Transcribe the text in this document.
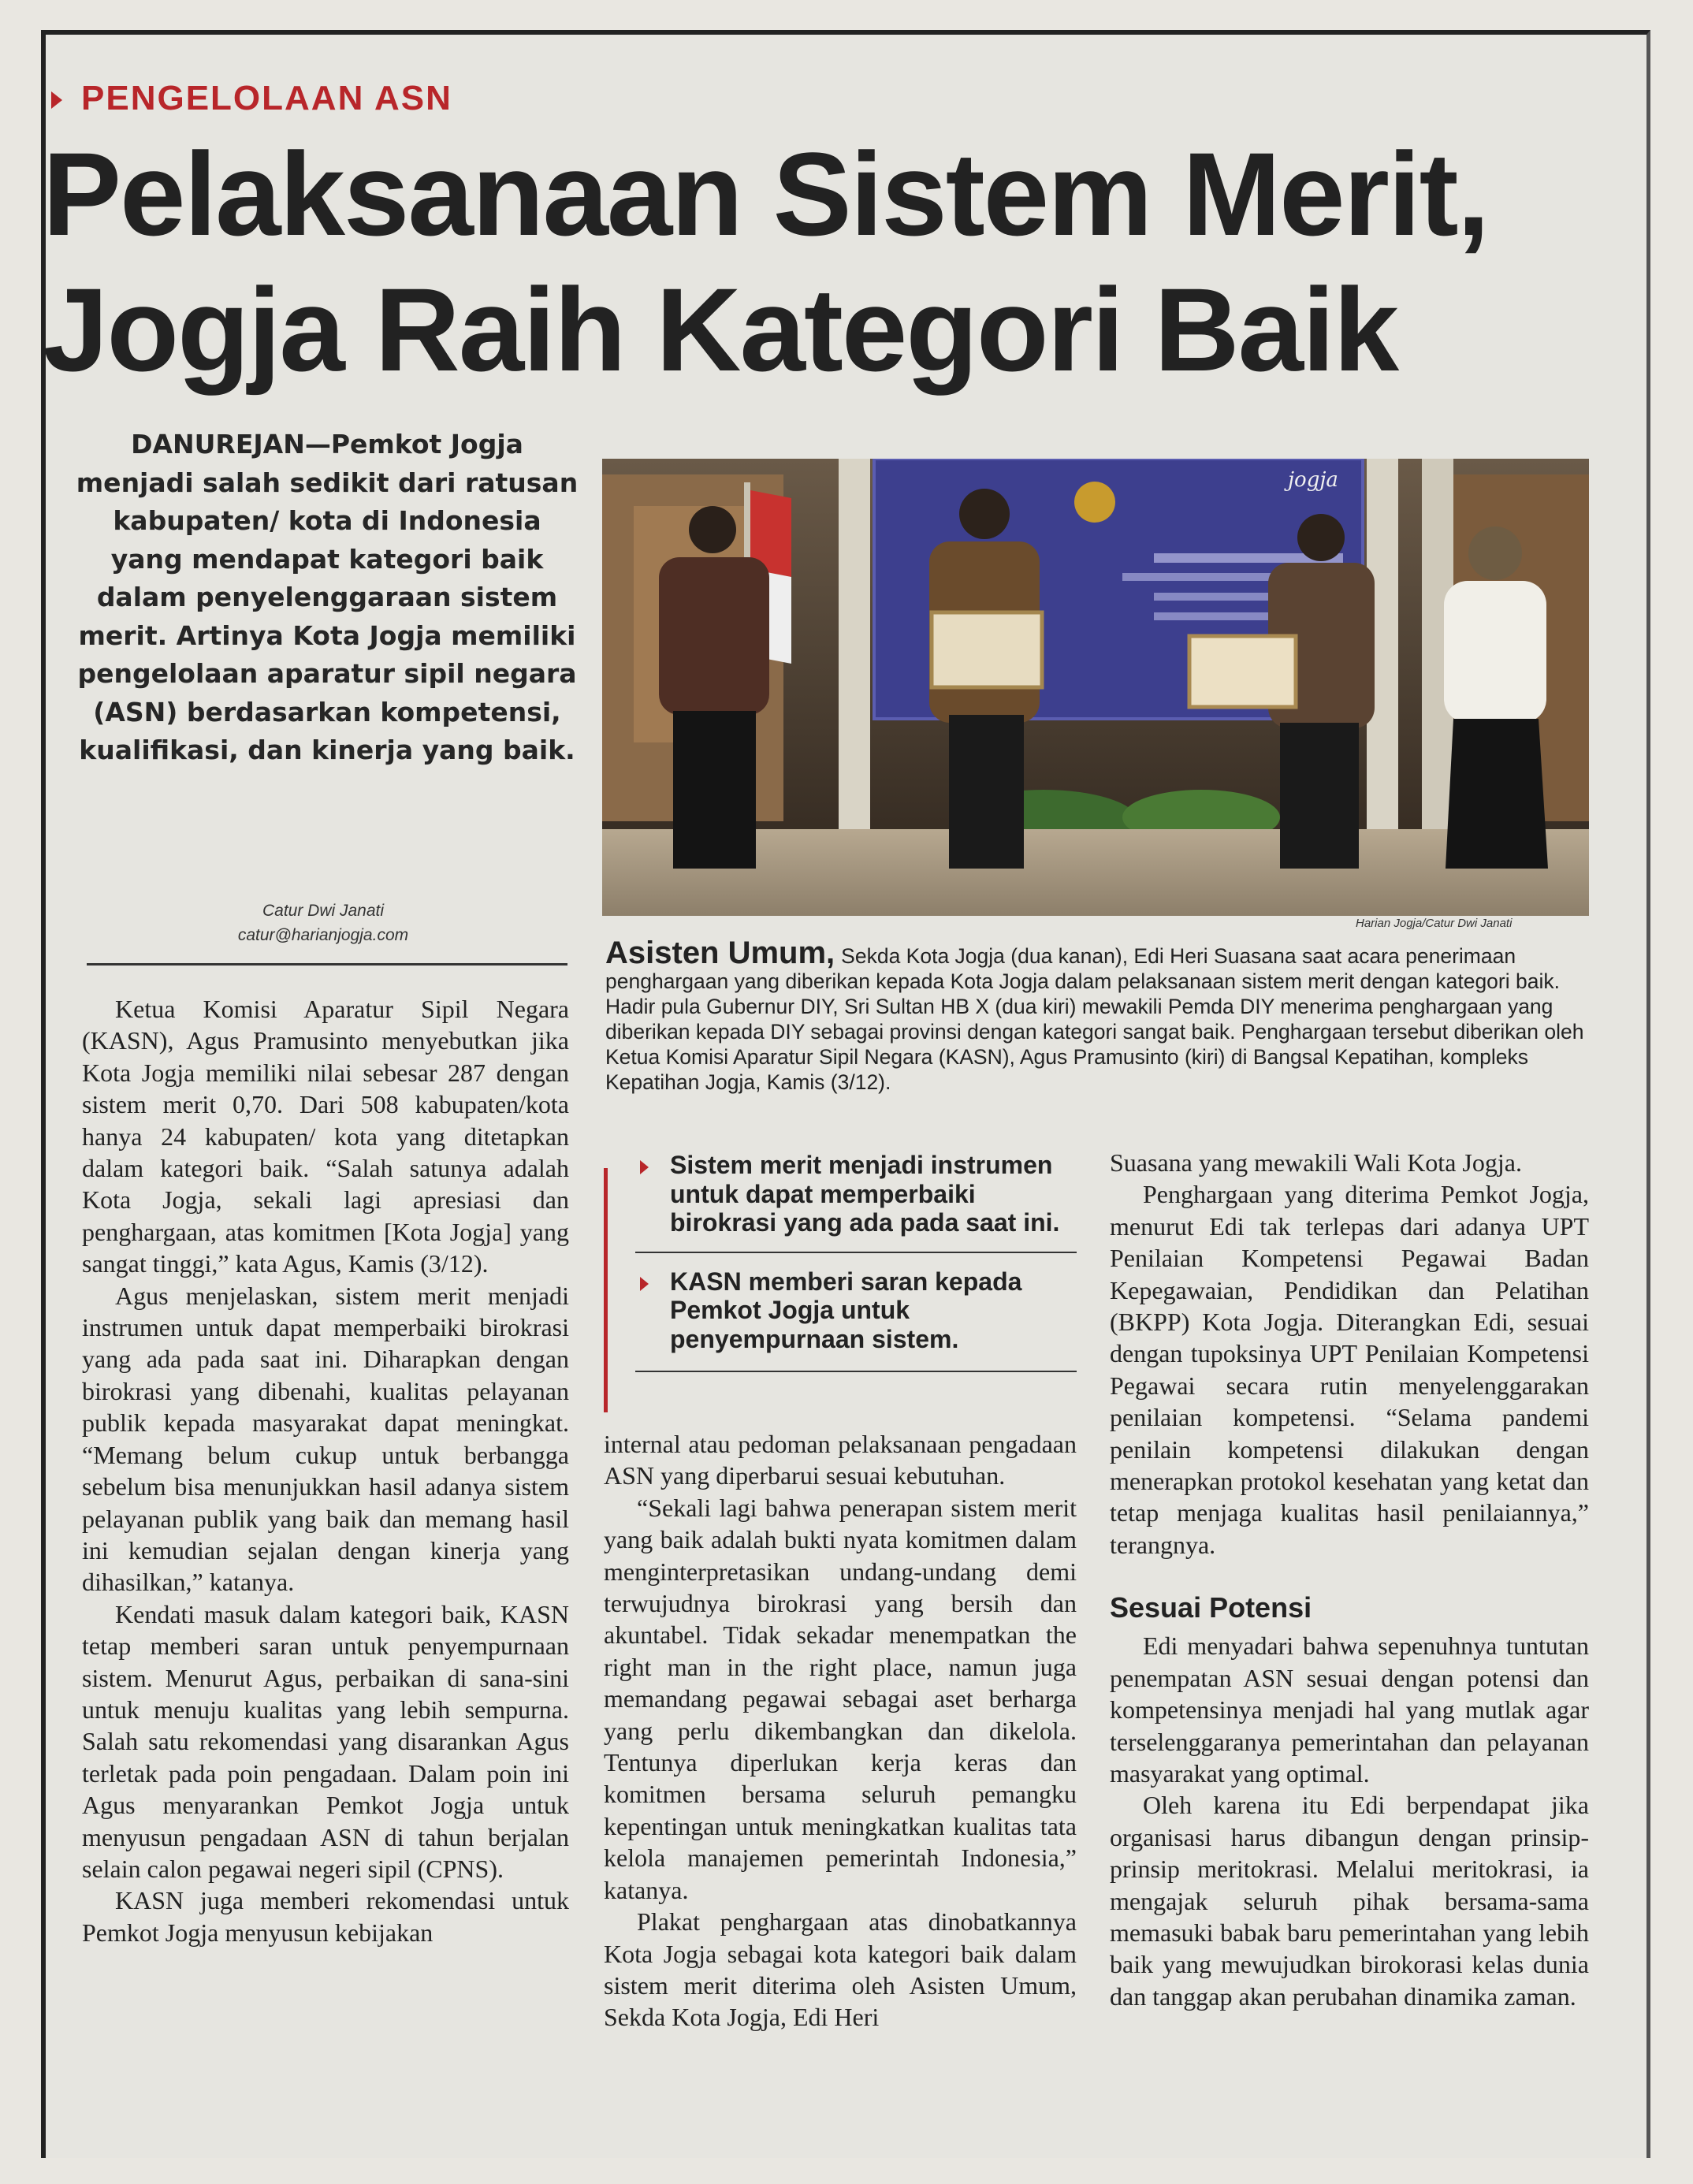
PENGELOLAAN ASN
Pelaksanaan Sistem Merit,
Jogja Raih Kategori Baik
DANUREJAN—Pemkot Jogja menjadi salah sedikit dari ratusan kabupaten/ kota di Indonesia yang mendapat kategori baik dalam penyelenggaraan sistem merit. Artinya Kota Jogja memiliki pengelolaan aparatur sipil negara (ASN) berdasarkan kompetensi, kualifikasi, dan kinerja yang baik.
Catur Dwi Janati
catur@harianjogja.com
jogja
Harian Jogja/Catur Dwi Janati
Asisten Umum, Sekda Kota Jogja (dua kanan), Edi Heri Suasana saat acara penerimaan penghargaan yang diberikan kepada Kota Jogja dalam pelaksanaan sistem merit dengan kategori baik. Hadir pula Gubernur DIY, Sri Sultan HB X (dua kiri) mewakili Pemda DIY menerima penghargaan yang diberikan kepada DIY sebagai provinsi dengan kategori sangat baik. Penghargaan tersebut diberikan oleh Ketua Komisi Aparatur Sipil Negara (KASN), Agus Pramusinto (kiri) di Bangsal Kepatihan, kompleks Kepatihan Jogja, Kamis (3/12).
Sistem merit menjadi instrumen untuk dapat memperbaiki birokrasi yang ada pada saat ini.
KASN memberi saran kepada Pemkot Jogja untuk penyempurnaan sistem.

Ketua Komisi Aparatur Sipil Negara (KASN), Agus Pramusinto menyebutkan jika Kota Jogja memiliki nilai sebesar 287 dengan sistem merit 0,70. Dari 508 kabupaten/kota hanya 24 kabupaten/ kota yang ditetapkan dalam kategori baik. “Salah satunya adalah Kota Jogja, sekali lagi apresiasi dan penghargaan, atas komitmen [Kota Jogja] yang sangat tinggi,” kata Agus, Kamis (3/12).

Agus menjelaskan, sistem merit menjadi instrumen untuk dapat memperbaiki birokrasi yang ada pada saat ini. Diharapkan dengan birokrasi yang dibenahi, kualitas pelayanan publik kepada masyarakat dapat meningkat. “Memang belum cukup untuk berbangga sebelum bisa menunjukkan hasil adanya sistem pelayanan publik yang baik dan memang hasil ini kemudian sejalan dengan kinerja yang dihasilkan,” katanya.

Kendati masuk dalam kategori baik, KASN tetap memberi saran untuk penyempurnaan sistem. Menurut Agus, perbaikan di sana-sini untuk menuju kualitas yang lebih sempurna. Salah satu rekomendasi yang disarankan Agus terletak pada poin pengadaan. Dalam poin ini Agus menyarankan Pemkot Jogja untuk menyusun pengadaan ASN di tahun berjalan selain calon pegawai negeri sipil (CPNS).

KASN juga memberi rekomendasi untuk Pemkot Jogja menyusun kebijakan

internal atau pedoman pelaksanaan pengadaan ASN yang diperbarui sesuai kebutuhan.

“Sekali lagi bahwa penerapan sistem merit yang baik adalah bukti nyata komitmen dalam menginterpretasikan undang-undang demi terwujudnya birokrasi yang bersih dan akuntabel. Tidak sekadar menempatkan the right man in the right place, namun juga memandang pegawai sebagai aset berharga yang perlu dikembangkan dan dikelola. Tentunya diperlukan kerja keras dan komitmen bersama seluruh pemangku kepentingan untuk meningkatkan kualitas tata kelola manajemen pemerintah Indonesia,” katanya.

Plakat penghargaan atas dinobatkannya Kota Jogja sebagai kota kategori baik dalam sistem merit diterima oleh Asisten Umum, Sekda Kota Jogja, Edi Heri

Suasana yang mewakili Wali Kota Jogja.

Penghargaan yang diterima Pemkot Jogja, menurut Edi tak terlepas dari adanya UPT Penilaian Kompetensi Pegawai Badan Kepegawaian, Pendidikan dan Pelatihan (BKPP) Kota Jogja. Diterangkan Edi, sesuai dengan tupoksinya UPT Penilaian Kompetensi Pegawai secara rutin menyelenggarakan penilaian kompetensi. “Selama pandemi penilain kompetensi dilakukan dengan menerapkan protokol kesehatan yang ketat dan tetap menjaga kualitas hasil penilaiannya,” terangnya.

Sesuai Potensi

Edi menyadari bahwa sepenuhnya tuntutan penempatan ASN sesuai dengan potensi dan kompetensinya menjadi hal yang mutlak agar terselenggaranya pemerintahan dan pelayanan masyarakat yang optimal.

Oleh karena itu Edi berpendapat jika organisasi harus dibangun dengan prinsip-prinsip meritokrasi. Melalui meritokrasi, ia mengajak seluruh pihak bersama-sama memasuki babak baru pemerintahan yang lebih baik yang mewujudkan birokorasi kelas dunia dan tanggap akan perubahan dinamika zaman.
